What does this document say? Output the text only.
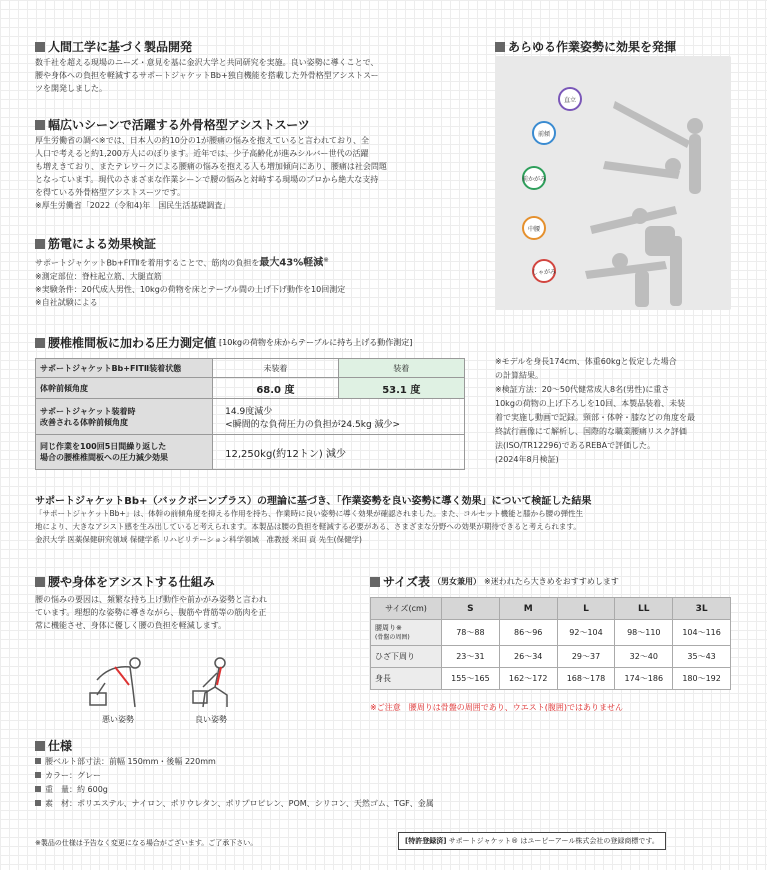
人間工学に基づく製品開発
数千社を超える現場のニーズ・意見を基に金沢大学と共同研究を実施。良い姿勢に導くことで、
腰や身体への負担を軽減するサポートジャケットBb+独自機能を搭載した外骨格型アシストスー
ツを開発しました。
幅広いシーンで活躍する外骨格型アシストスーツ
厚生労働省の調べ※では、日本人の約10分の1が腰痛の悩みを抱えていると言われており、全
人口で考えると約1,200万人にのぼります。近年では、少子高齢化が進みシルバー世代の活躍
も増えきており、またテレワークによる腰痛の悩みを抱える人も増加傾向にあり、腰痛は社会問題
となっています。現代のさまざまな作業シーンで腰の悩みと対峙する現場のプロから絶大な支持
を得ている外骨格型アシストスーツです。
※厚生労働省「2022（令和4)年　国民生活基礎調査」
筋電による効果検証
サポートジャケットBb+FITⅡを着用することで、筋肉の負担を最大43%軽減※
※測定部位：脊柱起立筋、大腿直筋
※実験条件：20代成人男性、10kgの荷物を床とテーブル間の上げ下げ動作を10回測定
※自社試験による
あらゆる作業姿勢に効果を発揮
直立
前傾
前かがみ
中腰
しゃがみ
腰椎椎間板に加わる圧力測定値 [10kgの荷物を床からテーブルに持ち上げる動作測定]
サポートジャケットBb+FITⅡ装着状態	未装着	装着
体幹前傾角度	68.0 度	53.1 度
サポートジャケット装着時
改善される体幹前傾角度
14.9度減少
<瞬間的な負荷圧力の負担が24.5kg 減少>
同じ作業を100回5日間繰り返した
場合の腰椎椎間板への圧力減少効果	12,250kg(約12トン) 減少
※モデルを身長174cm、体重60kgと仮定した場合
の計算結果。
※検証方法：20～50代健常成人8名(男性)に重さ
10kgの荷物の上げ下ろしを10回、本製品装着、未装
着で実施し動画で記録。頸部・体幹・膝などの角度を最
終試行画像にて解析し、国際的な職業腰痛リスク評価
法(ISO/TR12296)であるREBAで評価した。
(2024年8月検証)
サポートジャケットBb+（バックボーンプラス）の理論に基づき、「作業姿勢を良い姿勢に導く効果」について検証した結果
「サポートジャケットBb+」は、体幹の前傾角度を抑える作用を持ち、作業時に良い姿勢に導く効果が確認されました。また、コルセット機能と膝から腰の弾性生
地により、大きなアシスト感を生み出していると考えられます。本製品は腰の負担を軽減する必要がある、さまざまな分野への効果が期待できると考えられます。
金沢大学 医薬保健研究領域 保健学系 リハビリテーション科学領域　准教授 米田 貢 先生(保健学)
腰や身体をアシストする仕組み
腰の悩みの要因は、頻繁な持ち上げ動作や前かがみ姿勢と言われ
ています。理想的な姿勢に導きながら、腹筋や背筋等の筋肉を正
常に機能させ、身体に優しく腰の負担を軽減します。
悪い姿勢	良い姿勢
サイズ表 （男女兼用） ※迷われたら大きめをおすすめします
サイズ(cm)	S	M	L	LL	3L

腰周り※
(骨盤の周囲)	78～88	86～96	92～104	98～110	104～116
ひざ下周り	23～31	26～34	29～37	32～40	35～43
身長	155～165	162～172	168～178	174～186	180～192
※ご注意　腰周りは骨盤の周囲であり、ウエスト(腹囲)ではありません
仕様
腰ベルト部寸法：前幅 150mm・後幅 220mm
カラー：グレー
重　量：約 600g
素　材：ポリエステル、ナイロン、ポリウレタン、ポリプロピレン、POM、シリコン、天然ゴム、TGF、金属
※製品の仕様は予告なく変更になる場合がございます。ご了承下さい。	[特許登録済] サポートジャケット® はユーピーアール株式会社の登録商標です。
